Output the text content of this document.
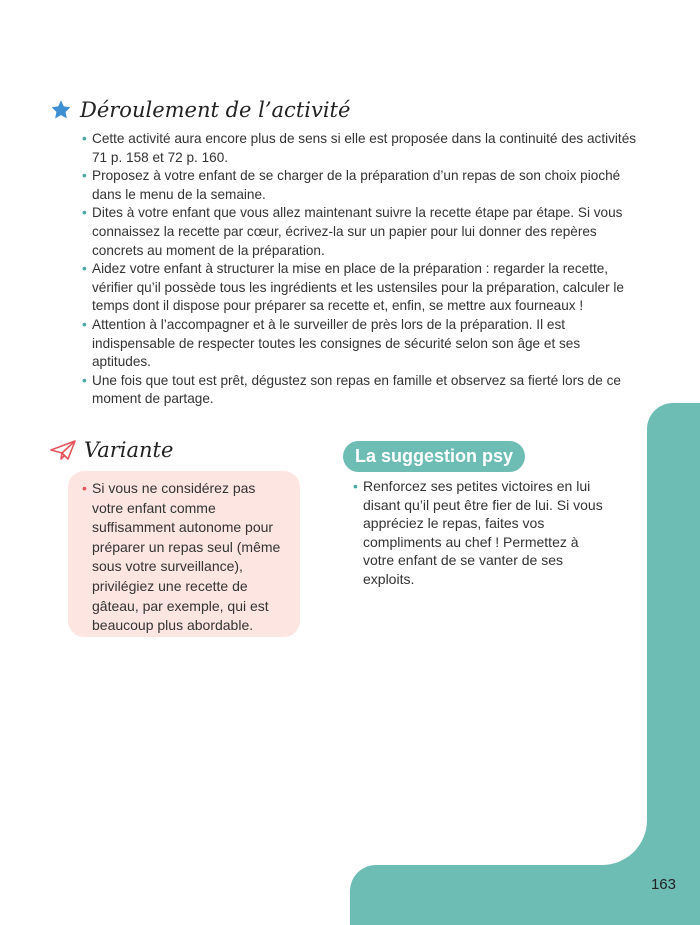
163
Déroulement de l’activité
• Cette activité aura encore plus de sens si elle est proposée dans la continuité des activités 71 p. 158 et 72 p. 160.
• Proposez à votre enfant de se charger de la préparation d’un repas de son choix pioché dans le menu de la semaine.
• Dites à votre enfant que vous allez maintenant suivre la recette étape par étape. Si vous connaissez la recette par cœur, écrivez-la sur un papier pour lui donner des repères concrets au moment de la préparation.
• Aidez votre enfant à structurer la mise en place de la préparation : regarder la recette, vérifier qu’il possède tous les ingrédients et les ustensiles pour la préparation, calculer le temps dont il dispose pour préparer sa recette et, enfin, se mettre aux fourneaux !
• Attention à l’accompagner et à le surveiller de près lors de la préparation. Il est indispensable de respecter toutes les consignes de sécurité selon son âge et ses aptitudes.
• Une fois que tout est prêt, dégustez son repas en famille et observez sa fierté lors de ce moment de partage.
Variante
• Si vous ne considérez pas votre enfant comme suffisamment autonome pour préparer un repas seul (même sous votre surveillance), privilégiez une recette de gâteau, par exemple, qui est beaucoup plus abordable.
La suggestion psy
• Renforcez ses petites victoires en lui disant qu’il peut être fier de lui. Si vous appréciez le repas, faites vos compliments au chef ! Permettez à votre enfant de se vanter de ses exploits.
